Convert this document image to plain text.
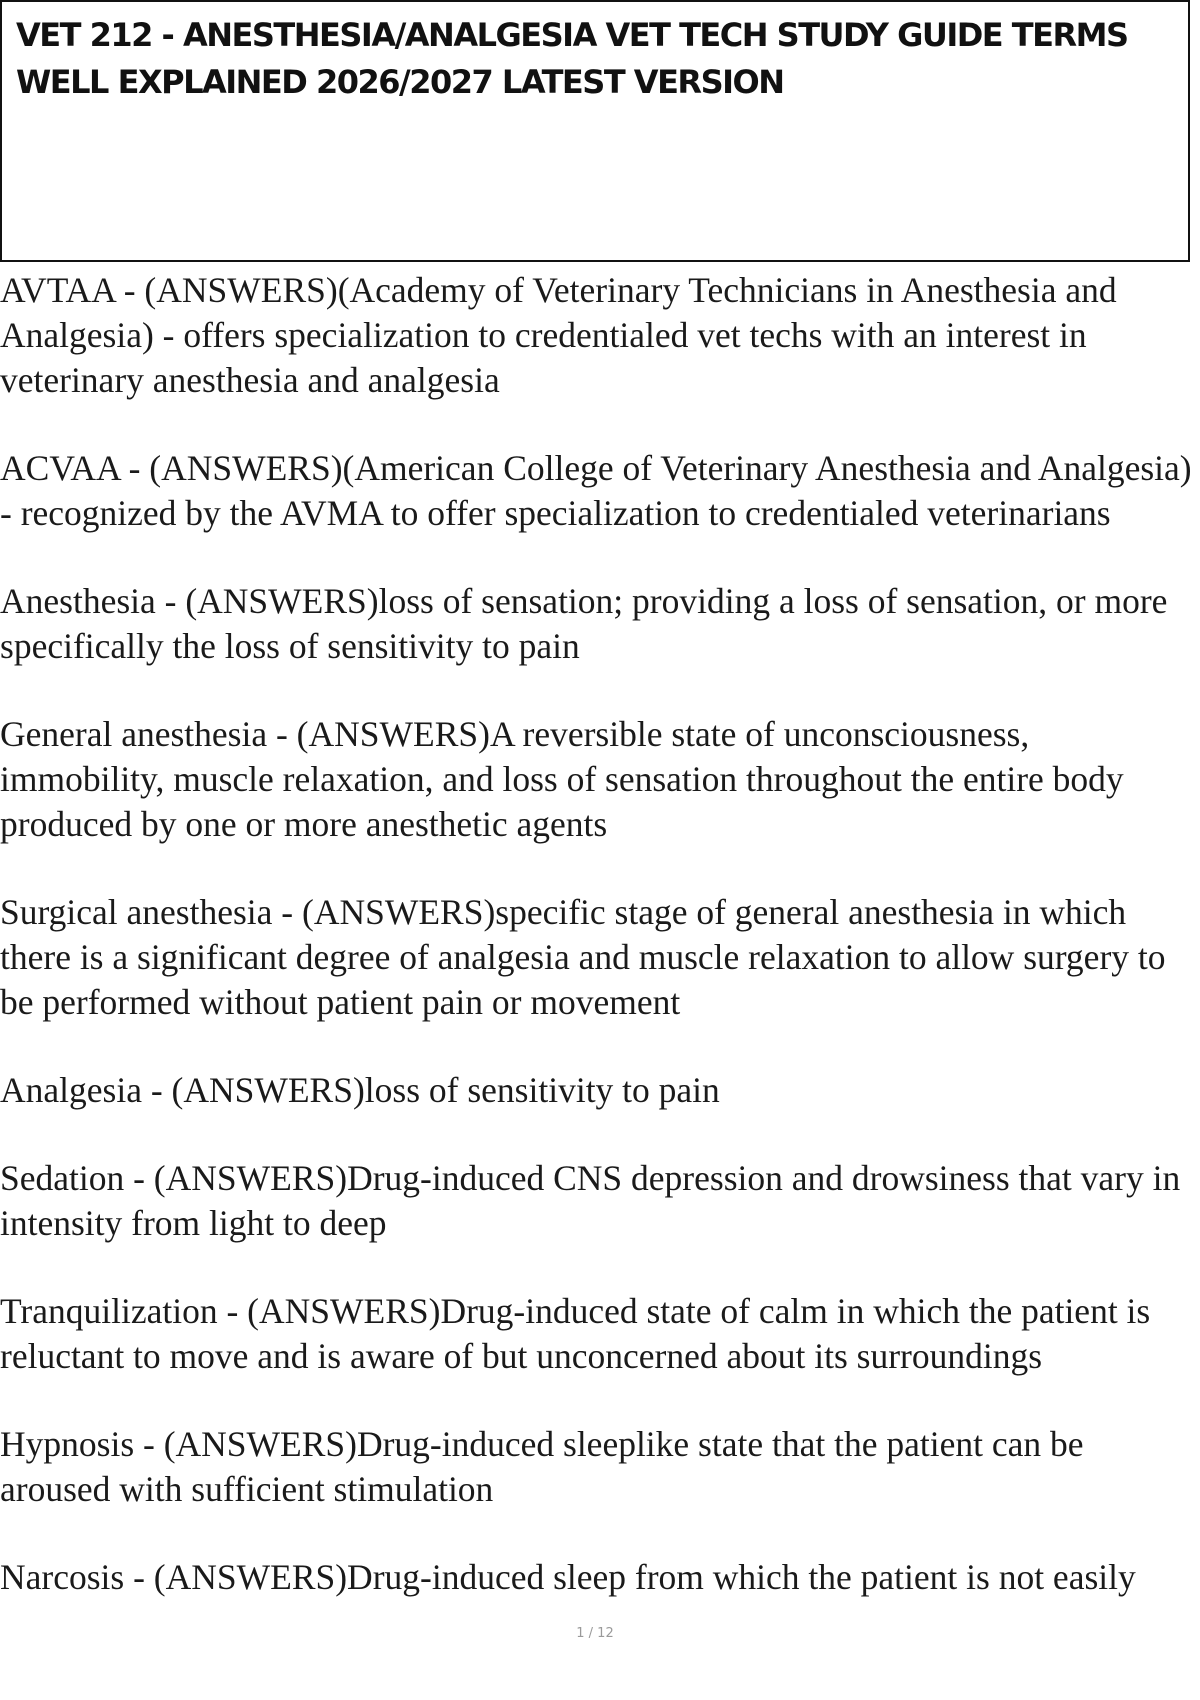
VET 212 - ANESTHESIA/ANALGESIA VET TECH STUDY GUIDE TERMS WELL EXPLAINED 2026/2027 LATEST VERSION

AVTAA - (ANSWERS)(Academy of Veterinary Technicians in Anesthesia and Analgesia) - offers specialization to credentialed vet techs with an interest in veterinary anesthesia and analgesia

ACVAA - (ANSWERS)(American College of Veterinary Anesthesia and Analgesia) - recognized by the AVMA to offer specialization to credentialed veterinarians

Anesthesia - (ANSWERS)loss of sensation; providing a loss of sensation, or more specifically the loss of sensitivity to pain

General anesthesia - (ANSWERS)A reversible state of unconsciousness, immobility, muscle relaxation, and loss of sensation throughout the entire body produced by one or more anesthetic agents

Surgical anesthesia - (ANSWERS)specific stage of general anesthesia in which there is a significant degree of analgesia and muscle relaxation to allow surgery to be performed without patient pain or movement

Analgesia - (ANSWERS)loss of sensitivity to pain

Sedation - (ANSWERS)Drug-induced CNS depression and drowsiness that vary in intensity from light to deep

Tranquilization - (ANSWERS)Drug-induced state of calm in which the patient is reluctant to move and is aware of but unconcerned about its surroundings

Hypnosis - (ANSWERS)Drug-induced sleeplike state that the patient can be aroused with sufficient stimulation

Narcosis - (ANSWERS)Drug-induced sleep from which the patient is not easily

1 / 12
